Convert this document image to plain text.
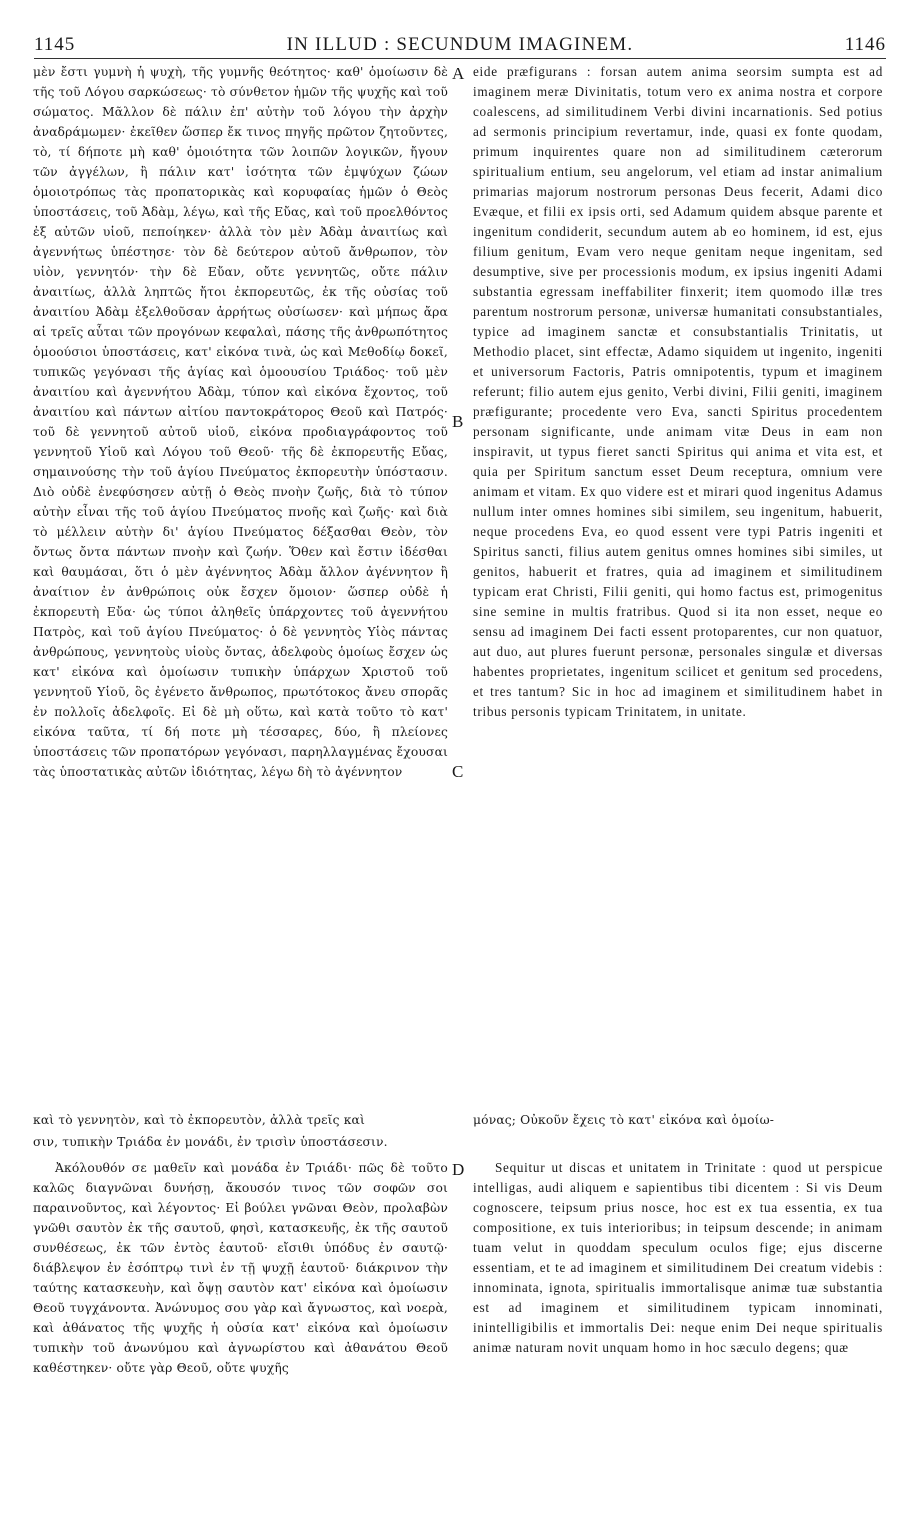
1145	IN ILLUD : SECUNDUM IMAGINEM.	1146

μὲν ἔστι γυμνὴ ἡ ψυχὴ, τῆς γυμνῆς θεότητος· καθ' ὁμοίωσιν δὲ τῆς τοῦ Λόγου σαρκώσεως· τὸ σύνθετον ἡμῶν τῆς ψυχῆς καὶ τοῦ σώματος. Μᾶλλον δὲ πάλιν ἐπ' αὐτὴν τοῦ λόγου τὴν ἀρχὴν ἀναδράμωμεν· ἐκεῖθεν ὥσπερ ἔκ τινος πηγῆς πρῶτον ζητοῦντες, τὸ, τί δήποτε μὴ καθ' ὁμοιότητα τῶν λοιπῶν λογικῶν, ἤγουν τῶν ἀγγέλων, ἢ πάλιν κατ' ἰσότητα τῶν ἐμψύχων ζώων ὁμοιοτρόπως τὰς προπατορικὰς καὶ κορυφαίας ἡμῶν ὁ Θεὸς ὑποστάσεις, τοῦ Ἀδὰμ, λέγω, καὶ τῆς Εὔας, καὶ τοῦ προελθόντος ἐξ αὐτῶν υἱοῦ, πεποίηκεν· ἀλλὰ τὸν μὲν Ἀδὰμ ἀναιτίως καὶ ἀγεννήτως ὑπέστησε· τὸν δὲ δεύτερον αὐτοῦ ἄνθρωπον, τὸν υἱὸν, γεννητόν· τὴν δὲ Εὔαν, οὔτε γεννητῶς, οὔτε πάλιν ἀναιτίως, ἀλλὰ ληπτῶς ἤτοι ἐκπορευτῶς, ἐκ τῆς οὐσίας τοῦ ἀναιτίου Ἀδὰμ ἐξελθοῦσαν ἀρρήτως οὐσίωσεν· καὶ μήπως ἄρα αἱ τρεῖς αὗται τῶν προγόνων κεφαλαὶ, πάσης τῆς ἀνθρωπότητος ὁμοούσιοι ὑποστάσεις, κατ' εἰκόνα τινὰ, ὡς καὶ Μεθοδίῳ δοκεῖ, τυπικῶς γεγόνασι τῆς ἁγίας καὶ ὁμοουσίου Τριάδος· τοῦ μὲν ἀναιτίου καὶ ἀγεννήτου Ἀδὰμ, τύπον καὶ εἰκόνα ἔχοντος, τοῦ ἀναιτίου καὶ πάντων αἰτίου παντοκράτορος Θεοῦ καὶ Πατρός· τοῦ δὲ γεννητοῦ αὐτοῦ υἱοῦ, εἰκόνα προδιαγράφοντος τοῦ γεννητοῦ Υἱοῦ καὶ Λόγου τοῦ Θεοῦ· τῆς δὲ ἐκπορευτῆς Εὔας, σημαινούσης τὴν τοῦ ἁγίου Πνεύματος ἐκπορευτὴν ὑπόστασιν. Διὸ οὐδὲ ἐνεφύσησεν αὐτῇ ὁ Θεὸς πνοὴν ζωῆς, διὰ τὸ τύπον αὐτὴν εἶναι τῆς τοῦ ἁγίου Πνεύματος πνοῆς καὶ ζωῆς· καὶ διὰ τὸ μέλλειν αὐτὴν δι' ἁγίου Πνεύματος δέξασθαι Θεὸν, τὸν ὄντως ὄντα πάντων πνοὴν καὶ ζωήν. Ὅθεν καὶ ἔστιν ἰδέσθαι καὶ θαυμάσαι, ὅτι ὁ μὲν ἀγέννητος Ἀδὰμ ἄλλον ἀγέννητον ἢ ἀναίτιον ἐν ἀνθρώποις οὐκ ἔσχεν ὅμοιον· ὥσπερ οὐδὲ ἡ ἐκπορευτὴ Εὔα· ὡς τύποι ἀληθεῖς ὑπάρχοντες τοῦ ἀγεννήτου Πατρὸς, καὶ τοῦ ἁγίου Πνεύματος· ὁ δὲ γεννητὸς Υἱὸς πάντας ἀνθρώπους, γεννητοὺς υἱοὺς ὄντας, ἀδελφοὺς ὁμοίως ἔσχεν ὡς κατ' εἰκόνα καὶ ὁμοίωσιν τυπικὴν ὑπάρχων Χριστοῦ τοῦ γεννητοῦ Υἱοῦ, ὃς ἐγένετο ἄνθρωπος, πρωτότοκος ἄνευ σπορᾶς ἐν πολλοῖς ἀδελφοῖς. Εἰ δὲ μὴ οὕτω, καὶ κατὰ τοῦτο τὸ κατ' εἰκόνα ταῦτα, τί δή ποτε μὴ τέσσαρες, δύο, ἢ πλείονες ὑποστάσεις τῶν προπατόρων γεγόνασι, παρηλλαγμένας ἔχουσαι τὰς ὑποστατικὰς αὐτῶν ἰδιότητας, λέγω δὴ τὸ ἀγέννητον

eide præfigurans : forsan autem anima seorsim sumpta est ad imaginem meræ Divinitatis, totum vero ex anima nostra et corpore coalescens, ad similitudinem Verbi divini incarnationis. Sed potius ad sermonis principium revertamur, inde, quasi ex fonte quodam, primum inquirentes quare non ad similitudinem cæterorum spiritualium entium, seu angelorum, vel etiam ad instar animalium primarias majorum nostrorum personas Deus fecerit, Adami dico Evæque, et filii ex ipsis orti, sed Adamum quidem absque parente et ingenitum condiderit, secundum autem ab eo hominem, id est, ejus filium genitum, Evam vero neque genitam neque ingenitam, sed desumptive, sive per processionis modum, ex ipsius ingeniti Adami substantia egressam ineffabiliter finxerit; item quomodo illæ tres parentum nostrorum personæ, universæ humanitati consubstantiales, typice ad imaginem sanctæ et consubstantialis Trinitatis, ut Methodio placet, sint effectæ, Adamo siquidem ut ingenito, ingeniti et universorum Factoris, Patris omnipotentis, typum et imaginem referunt; filio autem ejus genito, Verbi divini, Filii geniti, imaginem præfigurante; procedente vero Eva, sancti Spiritus procedentem personam significante, unde animam vitæ Deus in eam non inspiravit, ut typus fieret sancti Spiritus qui anima et vita est, et quia per Spiritum sanctum esset Deum receptura, omnium vere animam et vitam. Ex quo videre est et mirari quod ingenitus Adamus nullum inter omnes homines sibi similem, seu ingenitum, habuerit, neque procedens Eva, eo quod essent vere typi Patris ingeniti et Spiritus sancti, filius autem genitus omnes homines sibi similes, ut genitos, habuerit et fratres, quia ad imaginem et similitudinem typicam erat Christi, Filii geniti, qui homo factus est, primogenitus sine semine in multis fratribus. Quod si ita non esset, neque eo sensu ad imaginem Dei facti essent protoparentes, cur non quatuor, aut duo, aut plures fuerunt personæ, personales singulæ et diversas habentes proprietates, ingenitum scilicet et genitum sed procedens, et tres tantum? Sic in hoc ad imaginem et similitudinem habet in tribus personis typicam Trinitatem, in unitate.

καὶ τὸ γεννητὸν, καὶ τὸ ἐκπορευτὸν, ἀλλὰ τρεῖς καὶ	μόνας; Οὐκοῦν ἔχεις τὸ κατ' εἰκόνα καὶ ὁμοίω-
σιν, τυπικὴν Τριάδα ἐν μονάδι, ἐν τρισὶν ὑποστάσεσιν.

Ἀκόλουθόν σε μαθεῖν καὶ μονάδα ἐν Τριάδι· πῶς δὲ τοῦτο καλῶς διαγνῶναι δυνήσῃ, ἄκουσόν τινος τῶν σοφῶν σοι παραινοῦντος, καὶ λέγοντος· Εἰ βούλει γνῶναι Θεὸν, προλαβὼν γνῶθι σαυτὸν ἐκ τῆς σαυτοῦ, φησὶ, κατασκευῆς, ἐκ τῆς σαυτοῦ συνθέσεως, ἐκ τῶν ἐντὸς ἑαυτοῦ· εἴσιθι ὑπόδυς ἐν σαυτῷ· διάβλεψον ἐν ἐσόπτρῳ τινὶ ἐν τῇ ψυχῇ ἑαυτοῦ· διάκρινον τὴν ταύτης κατασκευὴν, καὶ ὄψῃ σαυτὸν κατ' εἰκόνα καὶ ὁμοίωσιν Θεοῦ τυγχάνοντα. Ἀνώνυμος σου γὰρ καὶ ἄγνωστος, καὶ νοερὰ, καὶ ἀθάνατος τῆς ψυχῆς ἡ οὐσία κατ' εἰκόνα καὶ ὁμοίωσιν τυπικὴν τοῦ ἀνωνύμου καὶ ἀγνωρίστου καὶ ἀθανάτου Θεοῦ καθέστηκεν· οὔτε γὰρ Θεοῦ, οὔτε ψυχῆς

Sequitur ut discas et unitatem in Trinitate : quod ut perspicue intelligas, audi aliquem e sapientibus tibi dicentem : Si vis Deum cognoscere, teipsum prius nosce, hoc est ex tua essentia, ex tua compositione, ex tuis interioribus; in teipsum descende; in animam tuam velut in quoddam speculum oculos fige; ejus discerne essentiam, et te ad imaginem et similitudinem Dei creatum videbis : innominata, ignota, spiritualis immortalisque animæ tuæ substantia est ad imaginem et similitudinem typicam innominati, inintelligibilis et immortalis Dei: neque enim Dei neque spiritualis animæ naturam novit unquam homo in hoc sæculo degens; quæ

A
B
C
D
